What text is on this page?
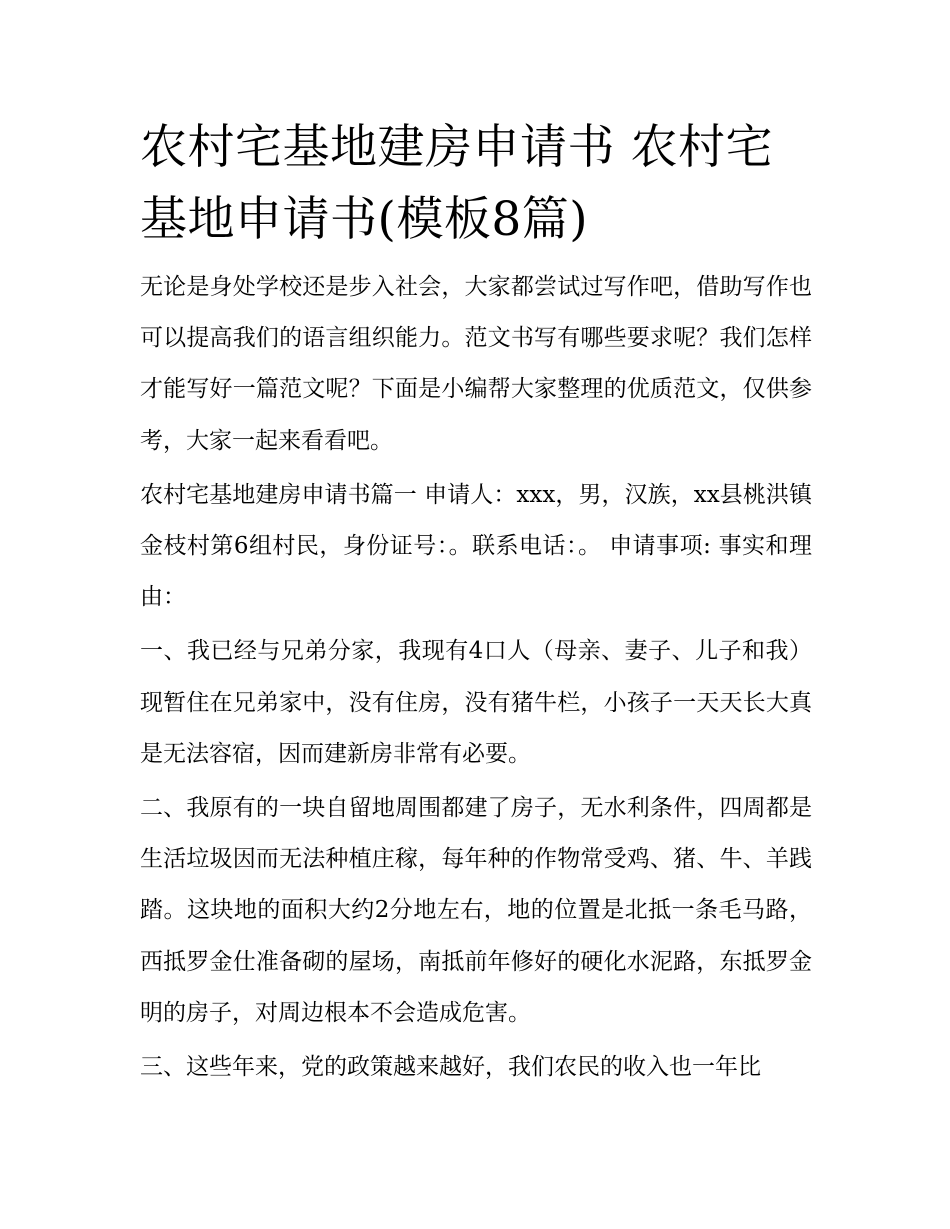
农村宅基地建房申请书 农村宅基地申请书(模板8篇)

无论是身处学校还是步入社会，大家都尝试过写作吧，借助写作也可以提高我们的语言组织能力。范文书写有哪些要求呢？我们怎样才能写好一篇范文呢？下面是小编帮大家整理的优质范文，仅供参考，大家一起来看看吧。

农村宅基地建房申请书篇一 申请人：xxx，男，汉族，xx县桃洪镇金枝村第6组村民，身份证号：。联系电话：。 申请事项: 事实和理由：

一、我已经与兄弟分家，我现有4口人（母亲、妻子、儿子和我）现暂住在兄弟家中，没有住房，没有猪牛栏，小孩子一天天长大真是无法容宿，因而建新房非常有必要。

二、我原有的一块自留地周围都建了房子，无水利条件，四周都是生活垃圾因而无法种植庄稼，每年种的作物常受鸡、猪、牛、羊践踏。这块地的面积大约2分地左右，地的位置是北抵一条毛马路，西抵罗金仕准备砌的屋场，南抵前年修好的硬化水泥路，东抵罗金明的房子，对周边根本不会造成危害。

三、这些年来，党的政策越来越好，我们农民的收入也一年比
